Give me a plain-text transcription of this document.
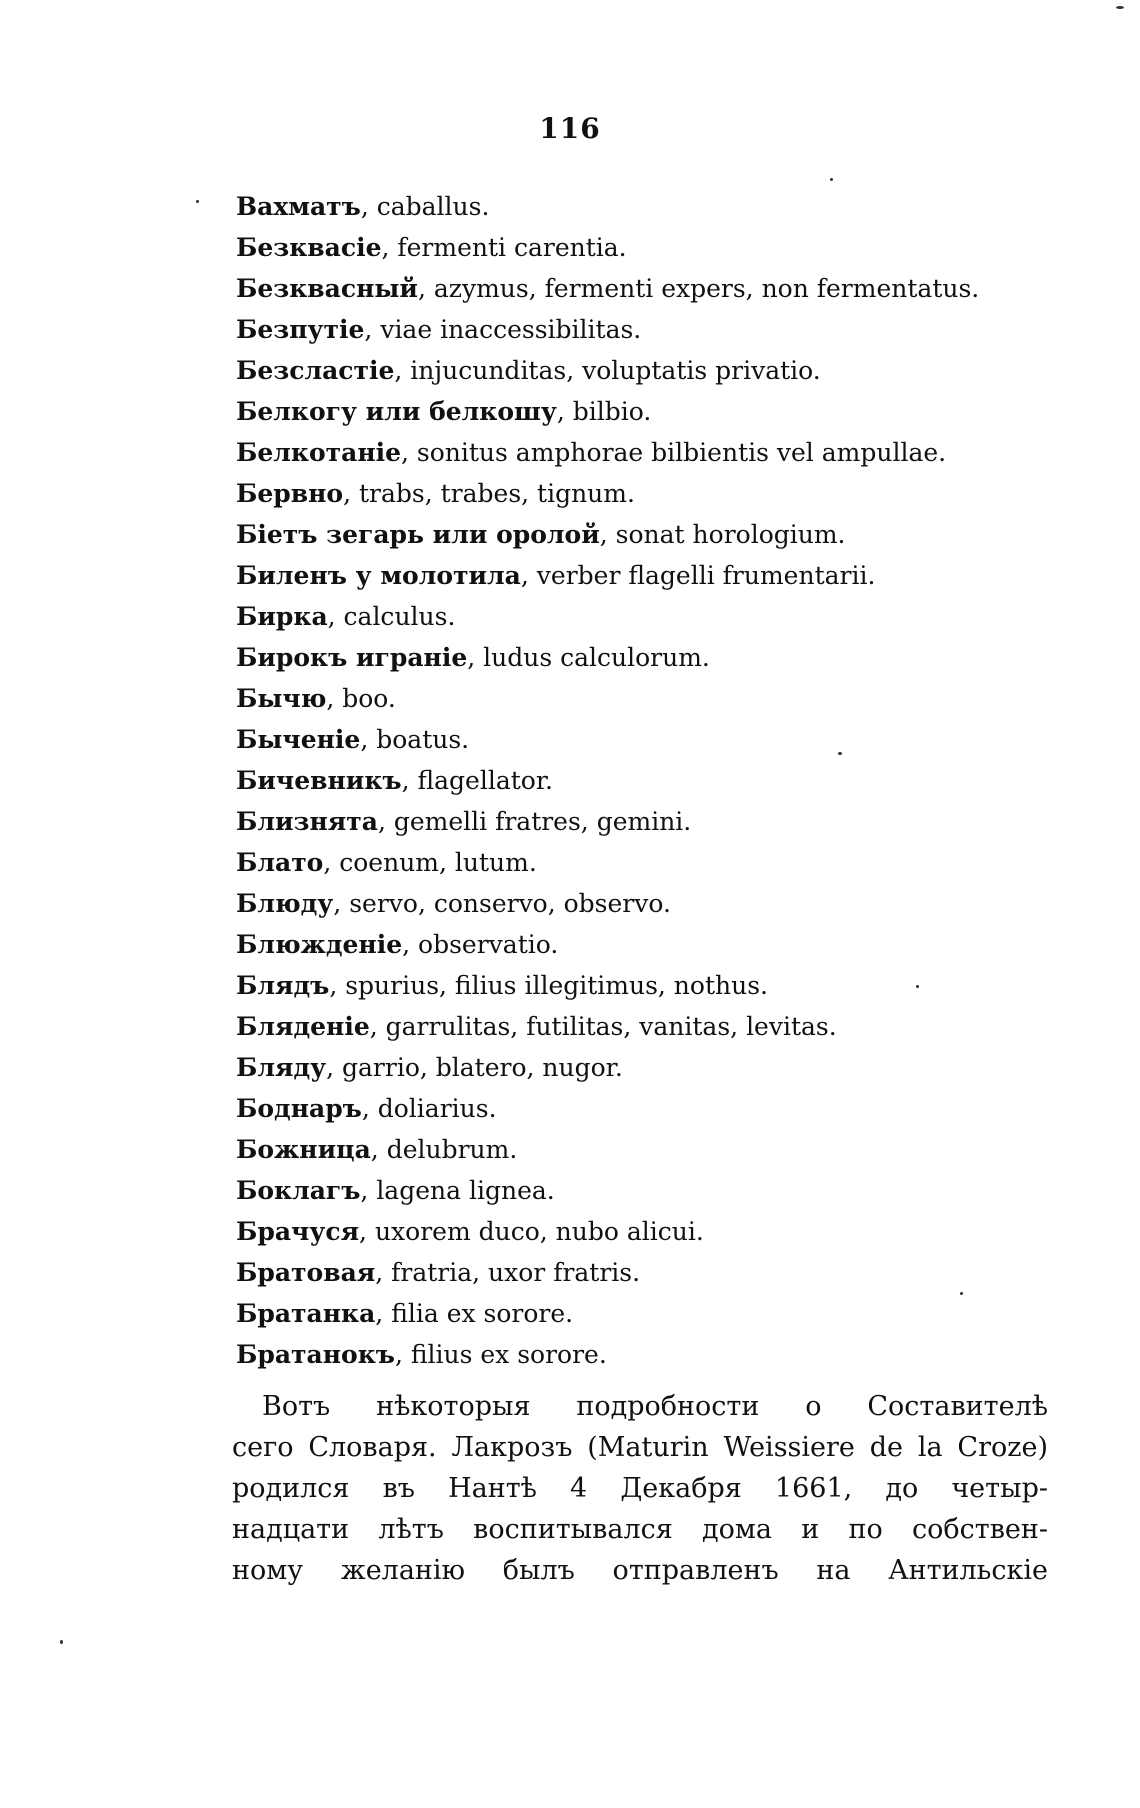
116
Вахматъ, caballus.
Безквасіе, fermenti carentia.
Безквасный, azymus, fermenti expers, non fermentatus.
Безпутіе, viae inaccessibilitas.
Безсластіе, injucunditas, voluptatis privatio.
Белкогу или белкошу, bilbio.
Белкотаніе, sonitus amphorae bilbientis vel ampullae.
Бервно, trabs, trabes, tignum.
Біетъ зегарь или оролой, sonat horologium.
Биленъ у молотила, verber flagelli frumentarii.
Бирка, calculus.
Бирокъ играніе, ludus calculorum.
Бычю, boo.
Быченіе, boatus.
Бичевникъ, flagellator.
Близнята, gemelli fratres, gemini.
Блато, coenum, lutum.
Блюду, servo, conservo, observo.
Блюжденіе, observatio.
Блядъ, spurius, filius illegitimus, nothus.
Бляденіе, garrulitas, futilitas, vanitas, levitas.
Бляду, garrio, blatero, nugor.
Боднаръ, doliarius.
Божница, delubrum.
Боклагъ, lagena lignea.
Брачуся, uxorem duco, nubo alicui.
Братовая, fratria, uxor fratris.
Братанка, filia ex sorore.
Братанокъ, filius ex sorore.
Вотъ нѣкоторыя подробности о Составителѣ
сего Словаря. Лакрозъ (Maturin Weissiere de la Croze)
родился въ Нантѣ 4 Декабря 1661, до четыр-
надцати лѣтъ воспитывался дома и по собствен-
ному желанію былъ отправленъ на Антильскіе
